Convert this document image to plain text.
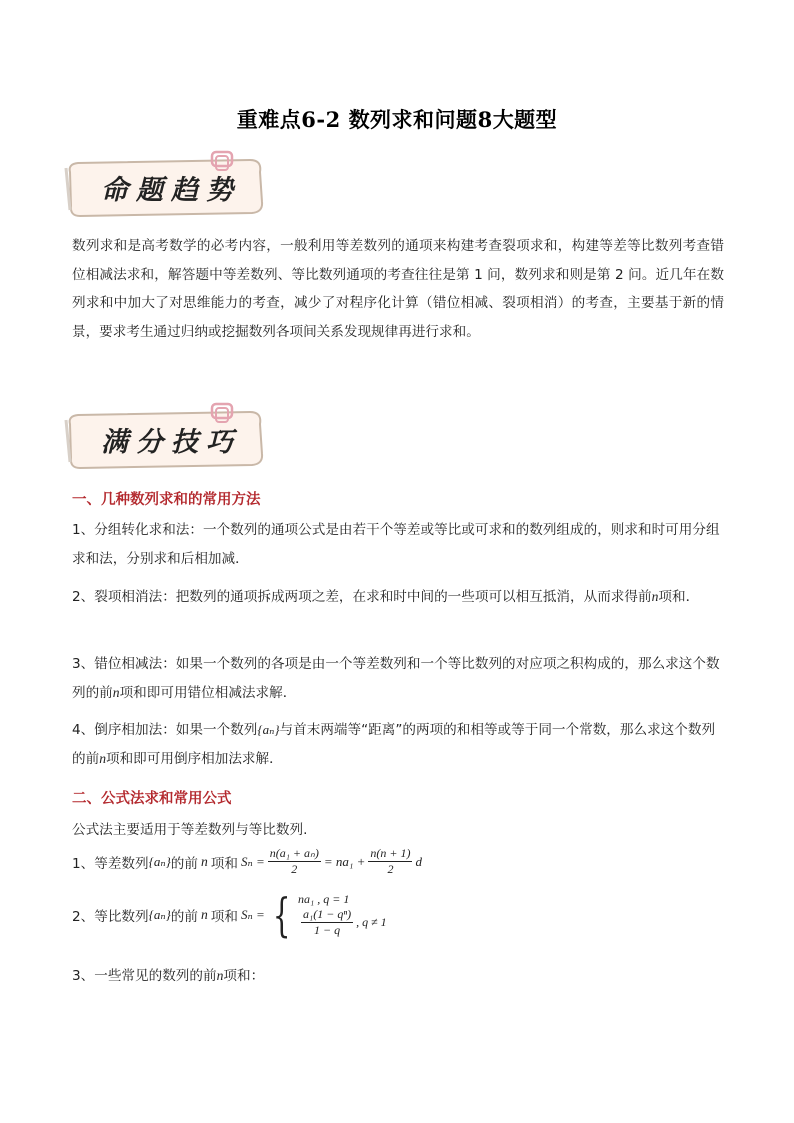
重难点6-2 数列求和问题8大题型
命题趋势
数列求和是高考数学的必考内容，一般利用等差数列的通项来构建考查裂项求和，构建等差等比数列考查错位相减法求和，解答题中等差数列、等比数列通项的考查往往是第 1 问，数列求和则是第 2 问。近几年在数列求和中加大了对思维能力的考查，减少了对程序化计算（错位相减、裂项相消）的考查，主要基于新的情景，要求考生通过归纳或挖掘数列各项间关系发现规律再进行求和。
满分技巧
一、几种数列求和的常用方法
1、分组转化求和法：一个数列的通项公式是由若干个等差或等比或可求和的数列组成的，则求和时可用分组求和法，分别求和后相加减．
2、裂项相消法：把数列的通项拆成两项之差，在求和时中间的一些项可以相互抵消，从而求得前n项和．
3、错位相减法：如果一个数列的各项是由一个等差数列和一个等比数列的对应项之积构成的，那么求这个数列的前n项和即可用错位相减法求解．
4、倒序相加法：如果一个数列{aₙ}与首末两端等“距离”的两项的和相等或等于同一个常数，那么求这个数列的前n项和即可用倒序相加法求解．
二、公式法求和常用公式
公式法主要适用于等差数列与等比数列.
1、等差数列 {aₙ} 的前 n 项和 $S_n = \frac{\text{n(a₁ + aₙ)}}{2} = na_1 + \frac{n(n + 1)}{2}$ d
2、等比数列 {aₙ} 的前 n 项和 Sₙ = { na₁ , q = 1
$\frac{\text{a₁(1 − qⁿ)}}{1 - q}$ , q ≠ 1
3、一些常见的数列的前n项和：
